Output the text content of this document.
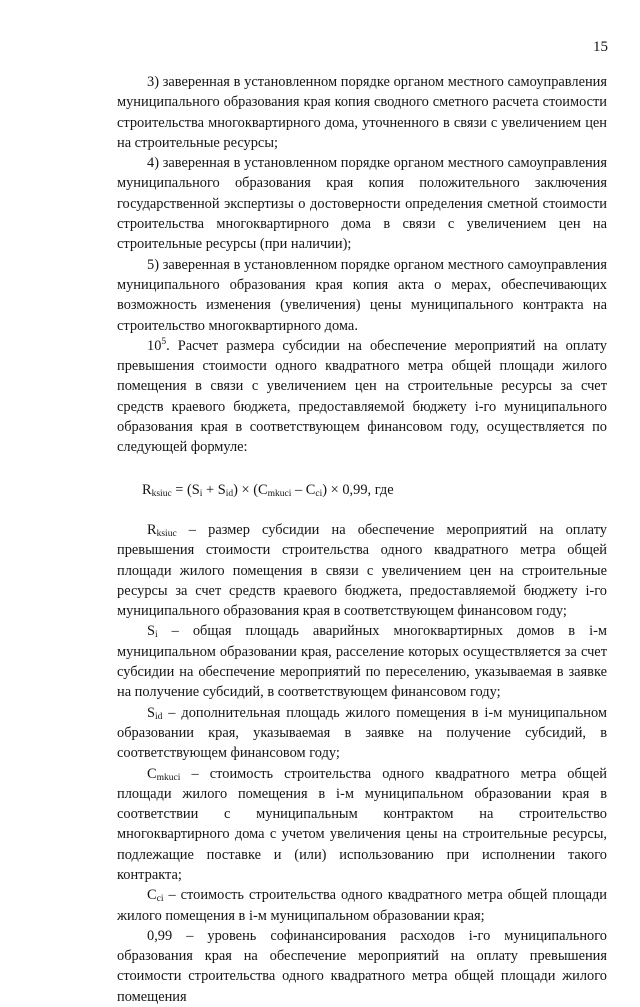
15

3) заверенная в установленном порядке органом местного самоуправления муниципального образования края копия сводного сметного расчета стоимости строительства многоквартирного дома, уточненного в связи с увеличением цен на строительные ресурсы;

4) заверенная в установленном порядке органом местного самоуправления муниципального образования края копия положительного заключения государственной экспертизы о достоверности определения сметной стоимости строительства многоквартирного дома в связи с увеличением цен на строительные ресурсы (при наличии);

5) заверенная в установленном порядке органом местного самоуправления муниципального образования края копия акта о мерах, обеспечивающих возможность изменения (увеличения) цены муниципального контракта на строительство многоквартирного дома.

$10^5$. Расчет размера субсидии на обеспечение мероприятий на оплату превышения стоимости одного квадратного метра общей площади жилого помещения в связи с увеличением цен на строительные ресурсы за счет средств краевого бюджета, предоставляемой бюджету i-го муниципального образования края в соответствующем финансовом году, осуществляется по следующей формуле:

$R_{ksiuc} = (S_i + S_{id}) \times (C_{mkuci} - C_{ci}) \times 0,99$, где

$R_{ksiuc}$ – размер субсидии на обеспечение мероприятий на оплату превышения стоимости строительства одного квадратного метра общей площади жилого помещения в связи с увеличением цен на строительные ресурсы за счет средств краевого бюджета, предоставляемой бюджету i-го муниципального образования края в соответствующем финансовом году;

$S_i$ – общая площадь аварийных многоквартирных домов в i-м муниципальном образовании края, расселение которых осуществляется за счет субсидии на обеспечение мероприятий по переселению, указываемая в заявке на получение субсидий, в соответствующем финансовом году;

$S_{id}$ – дополнительная площадь жилого помещения в i-м муниципальном образовании края, указываемая в заявке на получение субсидий, в соответствующем финансовом году;

$C_{mkuci}$ – стоимость строительства одного квадратного метра общей площади жилого помещения в i-м муниципальном образовании края в соответствии с муниципальным контрактом на строительство многоквартирного дома с учетом увеличения цены на строительные ресурсы, подлежащие поставке и (или) использованию при исполнении такого контракта;

$C_{ci}$ – стоимость строительства одного квадратного метра общей площади жилого помещения в i-м муниципальном образовании края;

0,99 – уровень софинансирования расходов i-го муниципального образования края на обеспечение мероприятий на оплату превышения стоимости строительства одного квадратного метра общей площади жилого помещения
